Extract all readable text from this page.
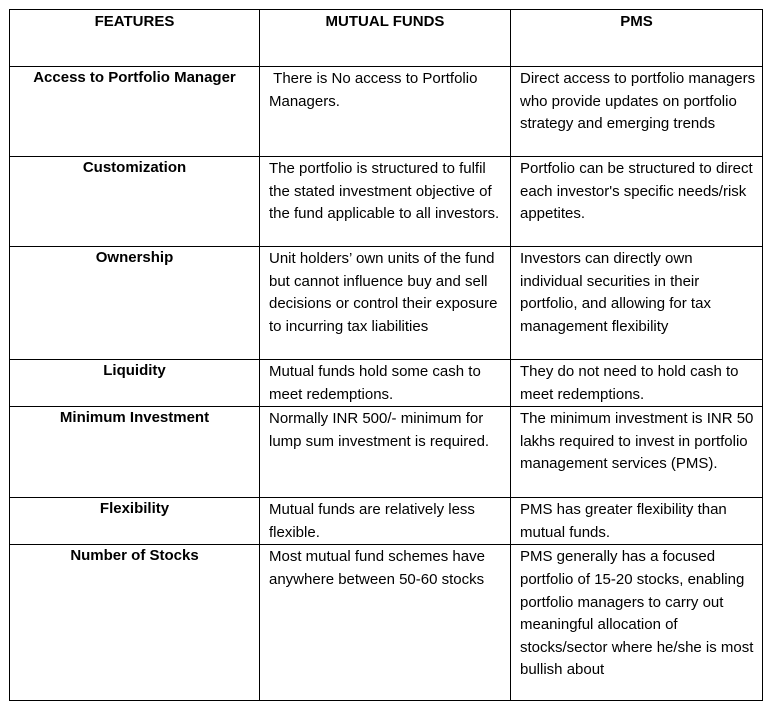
FEATURES	MUTUAL FUNDS	PMS
Access to Portfolio Manager	There is No access to Portfolio Managers.	Direct access to portfolio managers who provide updates on portfolio strategy and emerging trends
Customization	The portfolio is structured to fulfil the stated investment objective of the fund applicable to all investors.	Portfolio can be structured to direct each investor's specific needs/risk appetites.
Ownership	Unit holders’ own units of the fund but cannot influence buy and sell decisions or control their exposure to incurring tax liabilities	Investors can directly own individual securities in their portfolio, and allowing for tax management flexibility
Liquidity	Mutual funds hold some cash to meet redemptions.	They do not need to hold cash to meet redemptions.
Minimum Investment	Normally INR 500/- minimum for lump sum investment is required.	The minimum investment is INR 50 lakhs required to invest in portfolio management services (PMS).
Flexibility	Mutual funds are relatively less flexible.	PMS has greater flexibility than mutual funds.
Number of Stocks	Most mutual fund schemes have anywhere between 50-60 stocks	PMS generally has a focused portfolio of 15-20 stocks, enabling portfolio managers to carry out meaningful allocation of stocks/sector where he/she is most bullish about
